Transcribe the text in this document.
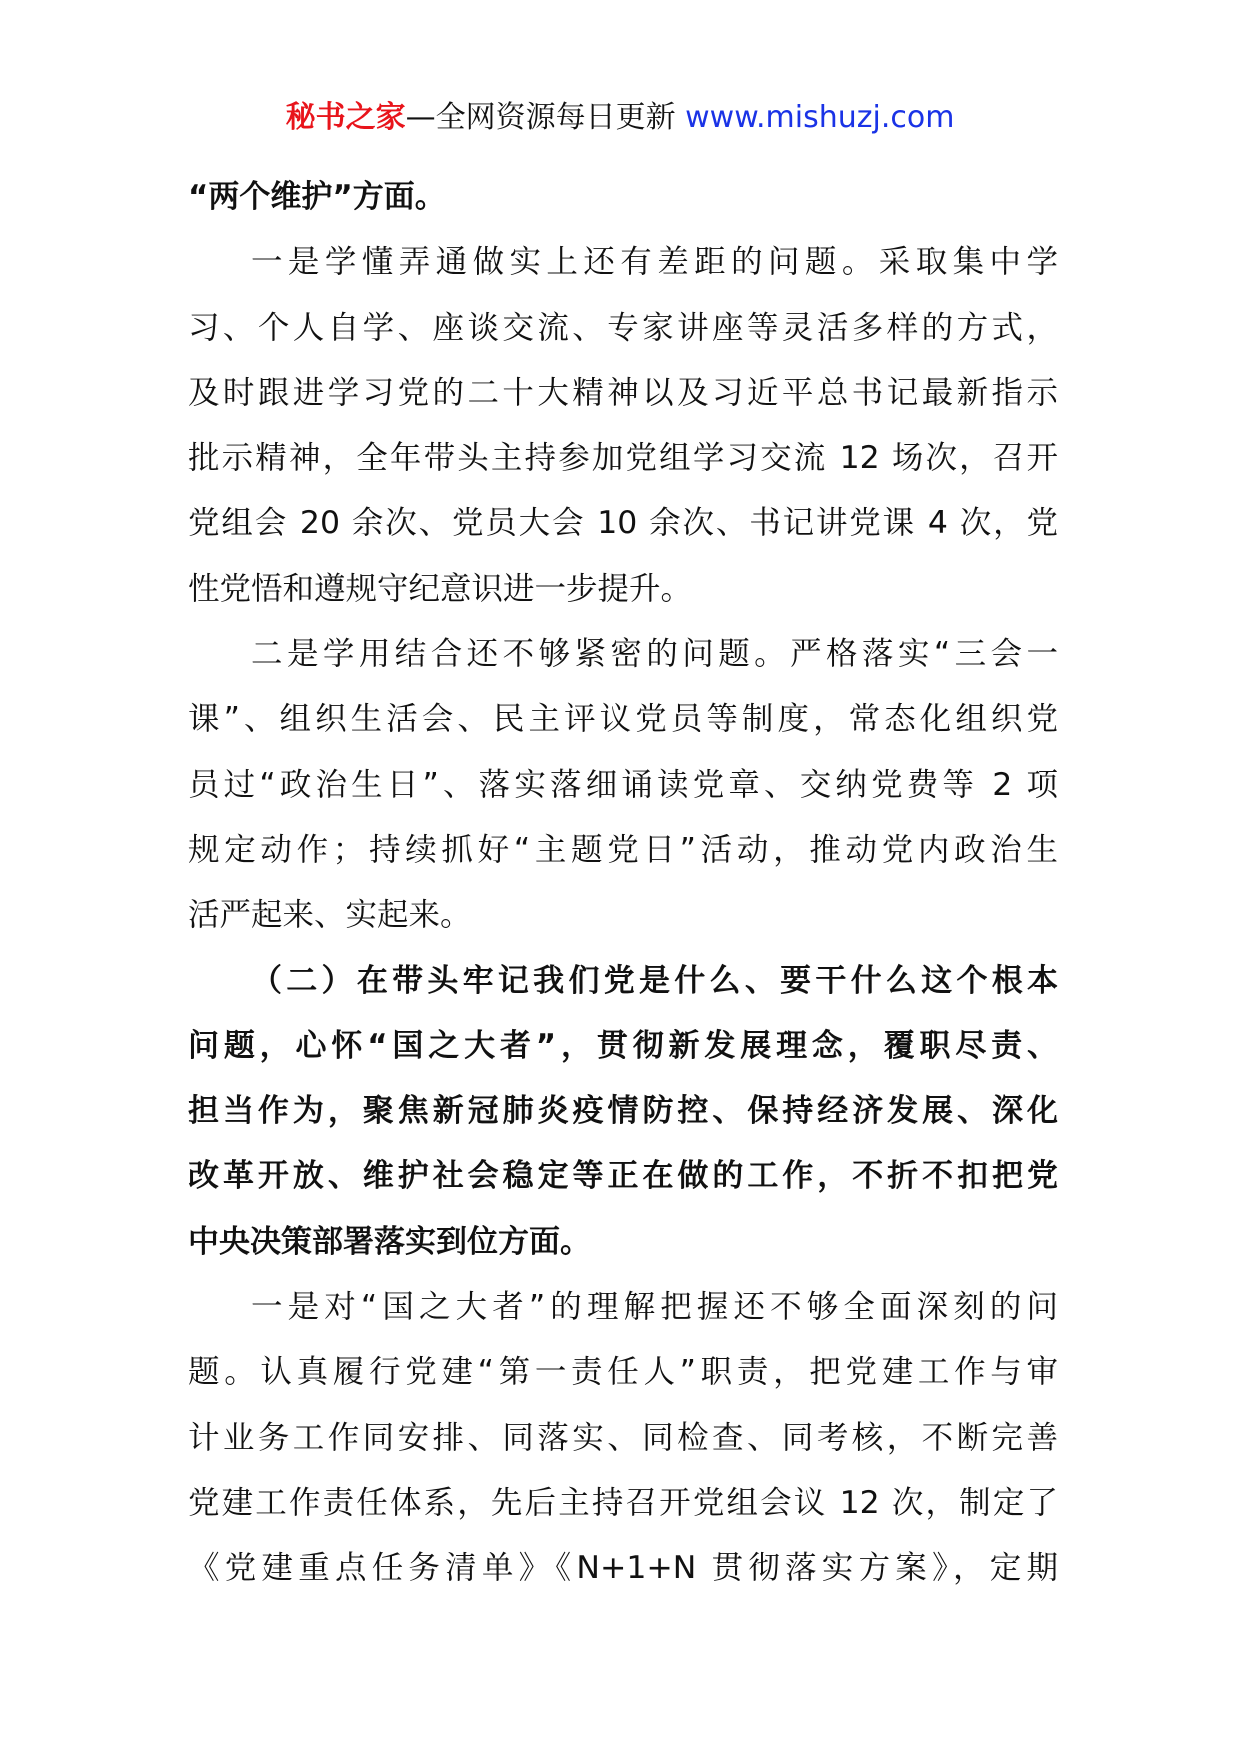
秘书之家—全网资源每日更新 www.mishuzj.com
“两个维护”方面。
一是学懂弄通做实上还有差距的问题。采取集中学
习、个人自学、座谈交流、专家讲座等灵活多样的方式，
及时跟进学习党的二十大精神以及习近平总书记最新指示
批示精神，全年带头主持参加党组学习交流 12 场次，召开
党组会 20 余次、党员大会 10 余次、书记讲党课 4 次，党
性党悟和遵规守纪意识进一步提升。
二是学用结合还不够紧密的问题。严格落实“三会一
课”、组织生活会、民主评议党员等制度，常态化组织党
员过“政治生日”、落实落细诵读党章、交纳党费等 2 项
规定动作；持续抓好“主题党日”活动，推动党内政治生
活严起来、实起来。
（二）在带头牢记我们党是什么、要干什么这个根本
问题，心怀“国之大者”，贯彻新发展理念，覆职尽责、
担当作为，聚焦新冠肺炎疫情防控、保持经济发展、深化
改革开放、维护社会稳定等正在做的工作，不折不扣把党
中央决策部署落实到位方面。
一是对“国之大者”的理解把握还不够全面深刻的问
题。认真履行党建“第一责任人”职责，把党建工作与审
计业务工作同安排、同落实、同检查、同考核，不断完善
党建工作责任体系，先后主持召开党组会议 12 次，制定了
《党建重点任务清单》《N+1+N 贯彻落实方案》，定期
